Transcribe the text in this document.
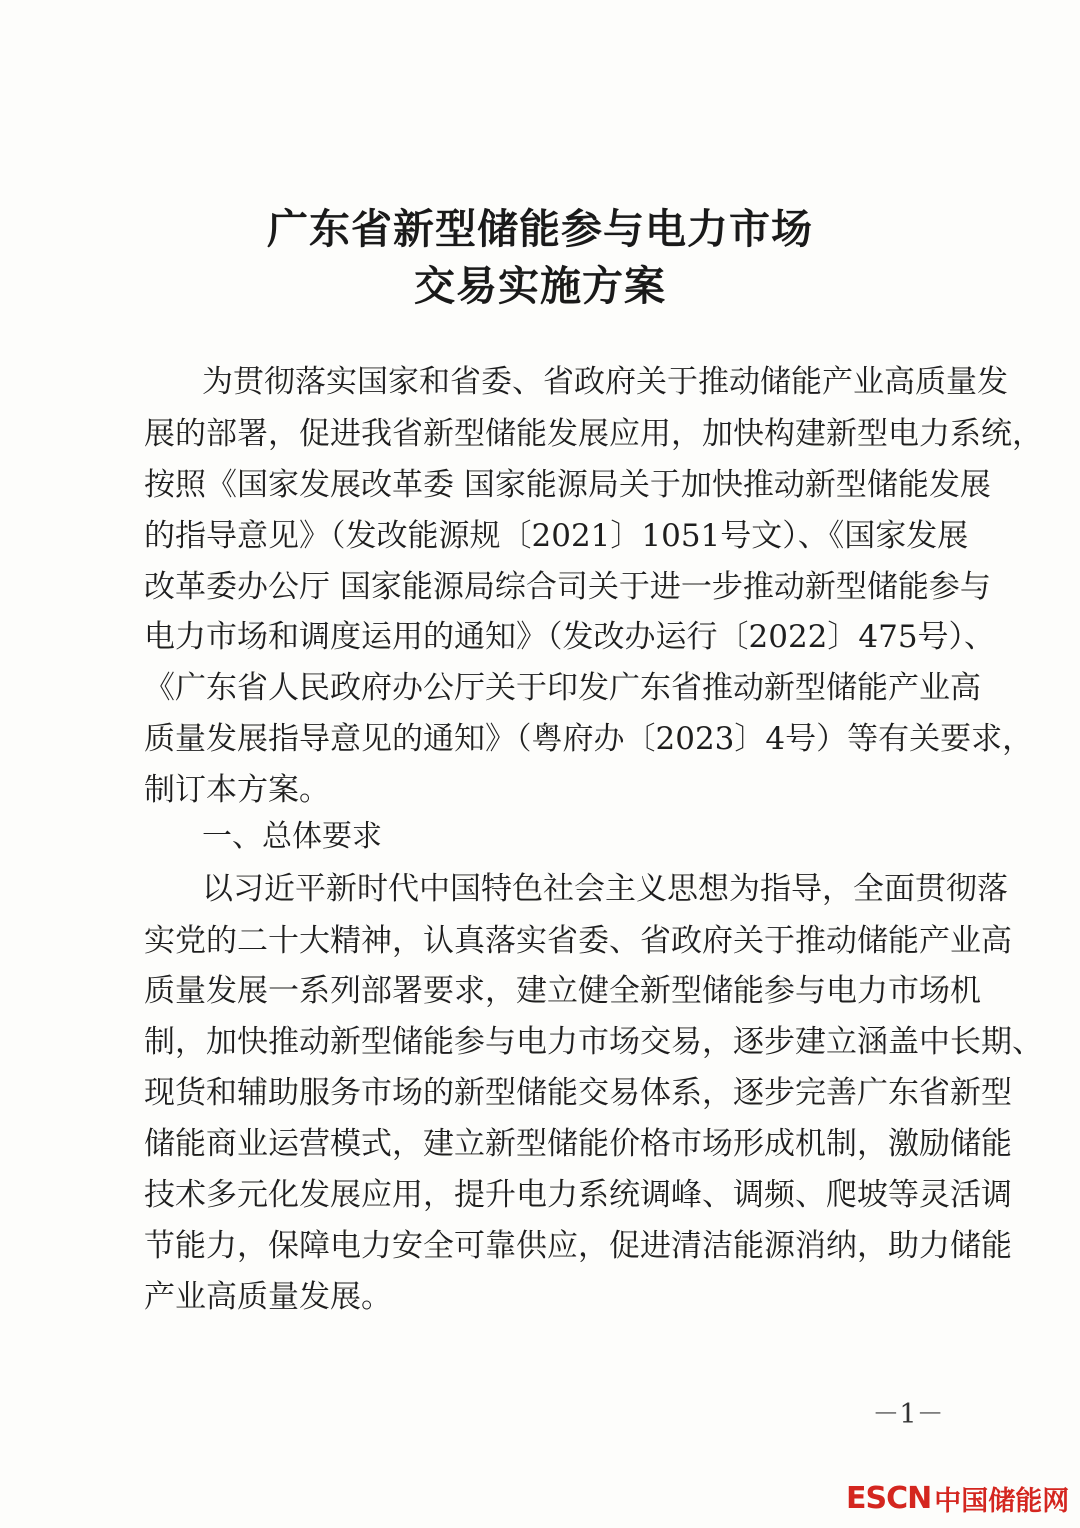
广东省新型储能参与电力市场
交易实施方案
为贯彻落实国家和省委、省政府关于推动储能产业高质量发
展的部署，促进我省新型储能发展应用，加快构建新型电力系统，
按照《国家发展改革委 国家能源局关于加快推动新型储能发展
的指导意见》（发改能源规〔2021〕1051号文）、《国家发展
改革委办公厅 国家能源局综合司关于进一步推动新型储能参与
电力市场和调度运用的通知》（发改办运行〔2022〕475号）、
《广东省人民政府办公厅关于印发广东省推动新型储能产业高
质量发展指导意见的通知》（粤府办〔2023〕4号）等有关要求，
制订本方案。
一、总体要求
以习近平新时代中国特色社会主义思想为指导，全面贯彻落
实党的二十大精神，认真落实省委、省政府关于推动储能产业高
质量发展一系列部署要求，建立健全新型储能参与电力市场机
制，加快推动新型储能参与电力市场交易，逐步建立涵盖中长期、
现货和辅助服务市场的新型储能交易体系，逐步完善广东省新型
储能商业运营模式，建立新型储能价格市场形成机制，激励储能
技术多元化发展应用，提升电力系统调峰、调频、爬坡等灵活调
节能力，保障电力安全可靠供应，促进清洁能源消纳，助力储能
产业高质量发展。
－1－
ESCN 中国储能网
